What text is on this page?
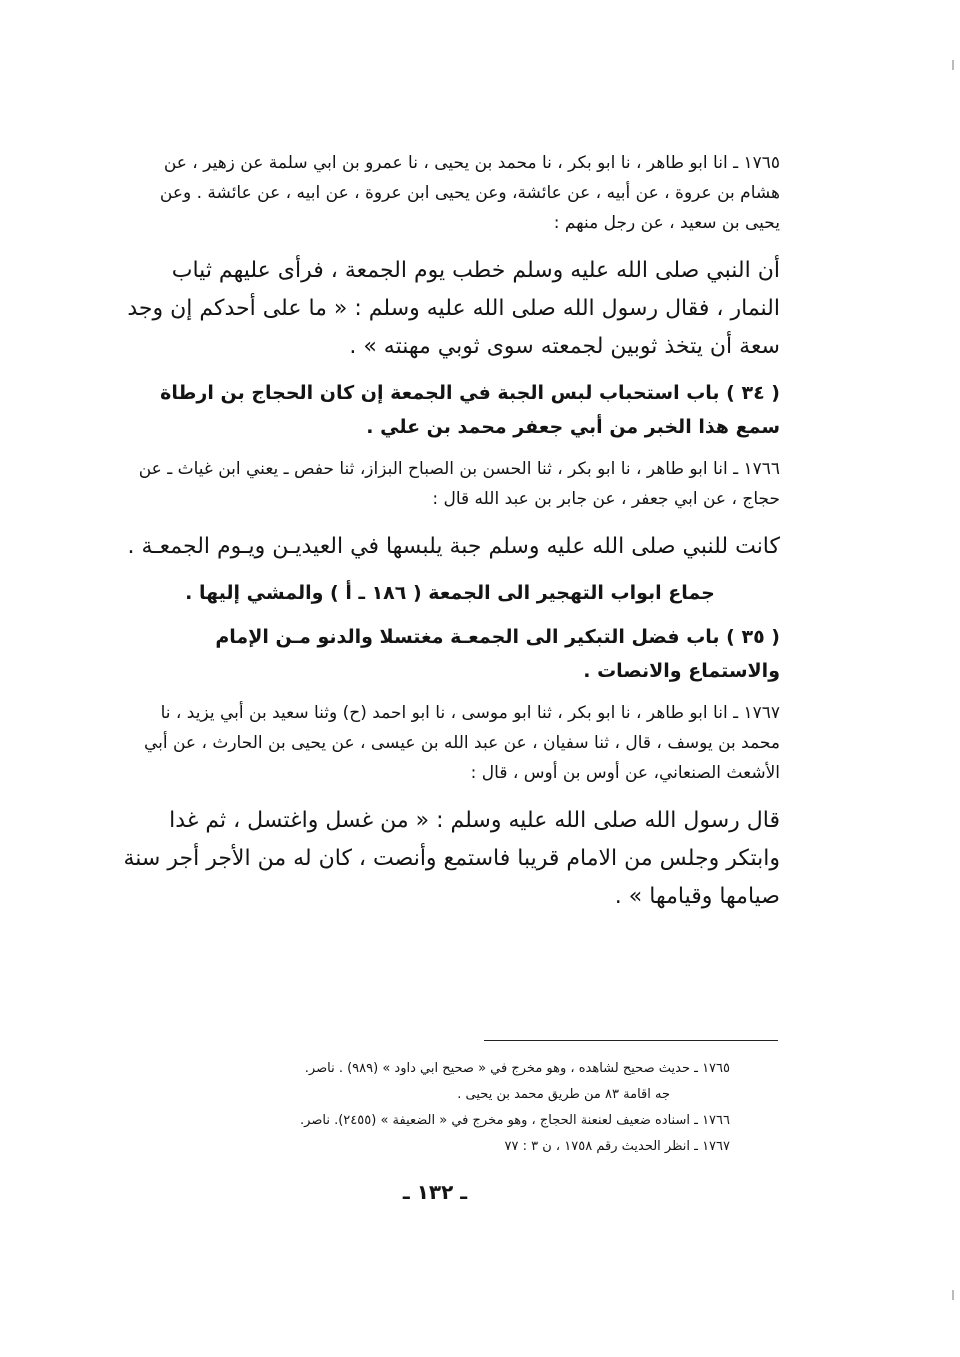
١٧٦٥ ـ انا ابو طاهر ، نا ابو بكر ، نا محمد بن يحيى ، نا عمرو بن ابي سلمة عن زهير ، عن هشام بن عروة ، عن أبيه ، عن عائشة، وعن يحيى ابن عروة ، عن ابيه ، عن عائشة . وعن يحيى بن سعيد ، عن رجل منهم :

أن النبي صلى الله عليه وسلم خطب يوم الجمعة ، فرأى عليهم ثياب النمار ، فقال رسول الله صلى الله عليه وسلم : « ما على أحدكم إن وجد سعة أن يتخذ ثوبين لجمعته سوى ثوبي مهنته » .

( ٣٤ ) باب استحباب لبس الجبة في الجمعة إن كان الحجاج بن ارطاة سمع هذا الخبر من أبي جعفر محمد بن علي .

١٧٦٦ ـ انا ابو طاهر ، نا ابو بكر ، ثنا الحسن بن الصباح البزاز، ثنا حفص ـ يعني ابن غياث ـ عن حجاج ، عن ابي جعفر ، عن جابر بن عبد الله قال :

كانت للنبي صلى الله عليه وسلم جبة يلبسها في العيديـن ويـوم الجمعـة .

جماع ابواب التهجير الى الجمعة ( ١٨٦ ـ أ ) والمشي إليها .

( ٣٥ ) باب فضل التبكير الى الجمعـة مغتسلا والدنو مـن الإمام والاستماع والانصات .

١٧٦٧ ـ انا ابو طاهر ، نا ابو بكر ، ثنا ابو موسى ، نا ابو احمد (ح) وثنا سعيد بن أبي يزيد ، نا محمد بن يوسف ، قال ، ثنا سفيان ، عن عبد الله بن عيسى ، عن يحيى بن الحارث ، عن أبي الأشعث الصنعاني، عن أوس بن أوس ، قال :

قال رسول الله صلى الله عليه وسلم : « من غسل واغتسل ، ثم غدا وابتكر وجلس من الامام قريبا فاستمع وأنصت ، كان له من الأجر أجر سنة صيامها وقيامها » .

١٧٦٥ ـ حديث صحيح لشاهده ، وهو مخرج في « صحيح ابي داود » (٩٨٩) . ناصر.

جه اقامة ٨٣ من طريق محمد بن يحيى .

١٧٦٦ ـ اسناده ضعيف لعنعنة الحجاج ، وهو مخرج في « الضعيفة » (٢٤٥٥). ناصر.

١٧٦٧ ـ انظر الحديث رقم ١٧٥٨ ، ن ٣ : ٧٧

ـ ١٣٢ ـ
